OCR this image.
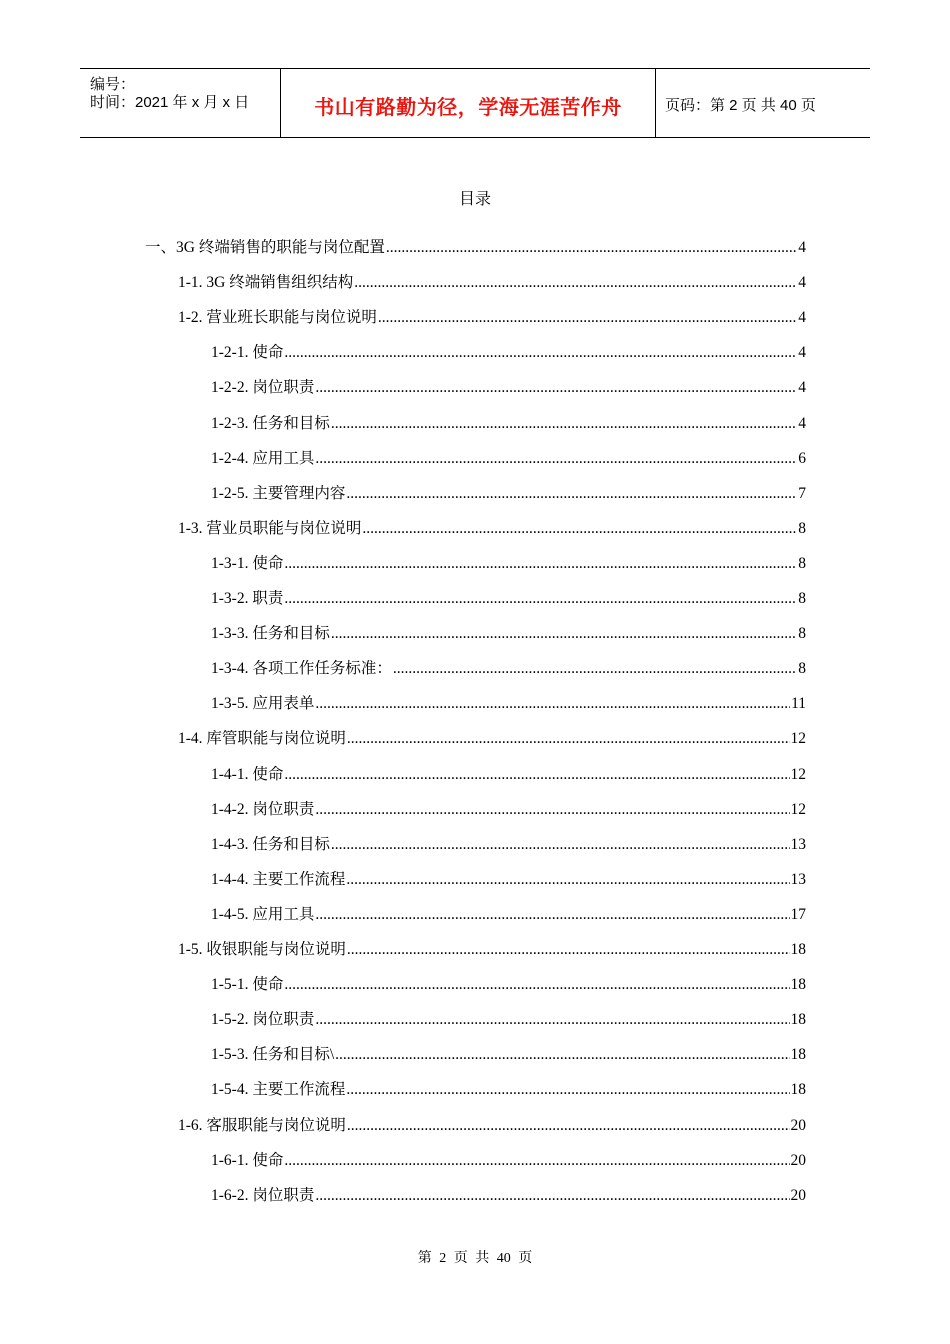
编号：
时间：2021 年 x 月 x 日	书山有路勤为径，学海无涯苦作舟	页码：第 2 页 共 40 页
目录
一、3G 终端销售的职能与岗位配置 .....	4
1-1. 3G 终端销售组织结构 .....	4
1-2. 营业班长职能与岗位说明 .....	4
1-2-1. 使命 .....	4
1-2-2. 岗位职责 .....	4
1-2-3. 任务和目标 .....	4
1-2-4. 应用工具 .....	6
1-2-5. 主要管理内容 .....	7
1-3. 营业员职能与岗位说明 .....	8
1-3-1. 使命 .....	8
1-3-2. 职责 .....	8
1-3-3. 任务和目标 .....	8
1-3-4. 各项工作任务标准： .....	8
1-3-5. 应用表单 .....	11
1-4. 库管职能与岗位说明 .....	12
1-4-1. 使命 .....	12
1-4-2. 岗位职责 .....	12
1-4-3. 任务和目标 .....	13
1-4-4. 主要工作流程 .....	13
1-4-5. 应用工具 .....	17
1-5. 收银职能与岗位说明 .....	18
1-5-1. 使命 .....	18
1-5-2. 岗位职责 .....	18
1-5-3. 任务和目标\ .....	18
1-5-4. 主要工作流程 .....	18
1-6. 客服职能与岗位说明 .....	20
1-6-1. 使命 .....	20
1-6-2. 岗位职责 .....	20
第 2 页 共 40 页
